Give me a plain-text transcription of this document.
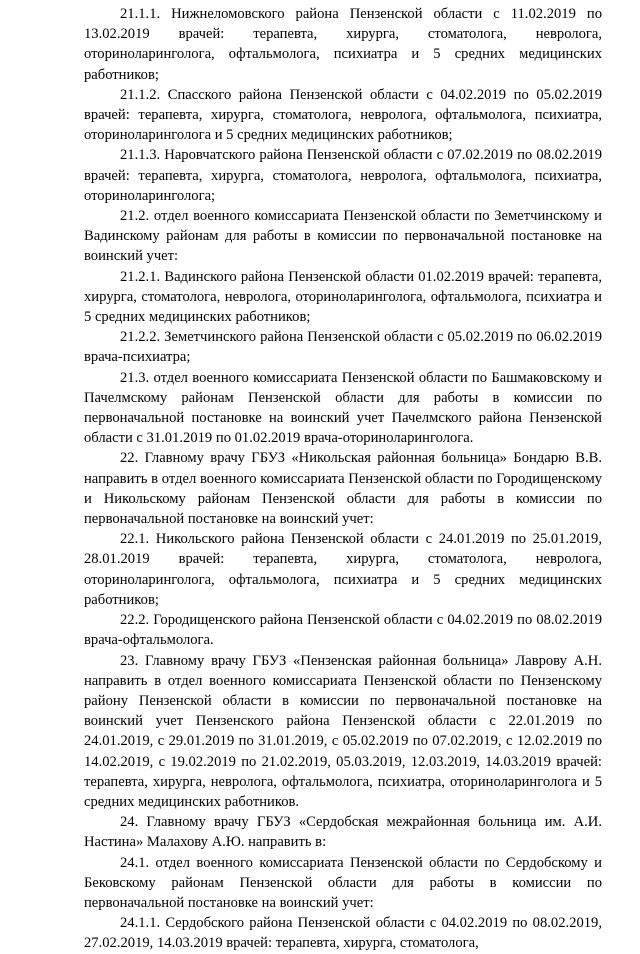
21.1.1. Нижнеломовского района Пензенской области с 11.02.2019 по 13.02.2019 врачей: терапевта, хирурга, стоматолога, невролога, оториноларинголога, офтальмолога, психиатра и 5 средних медицинских работников;

21.1.2. Спасского района Пензенской области с 04.02.2019 по 05.02.2019 врачей: терапевта, хирурга, стоматолога, невролога, офтальмолога, психиатра, оториноларинголога и 5 средних медицинских работников;

21.1.3. Наровчатского района Пензенской области с 07.02.2019 по 08.02.2019 врачей: терапевта, хирурга, стоматолога, невролога, офтальмолога, психиатра, оториноларинголога;

21.2. отдел военного комиссариата Пензенской области по Земетчинскому и Вадинскому районам для работы в комиссии по первоначальной постановке на воинский учет:

21.2.1. Вадинского района Пензенской области 01.02.2019 врачей: терапевта, хирурга, стоматолога, невролога, оториноларинголога, офтальмолога, психиатра и 5 средних медицинских работников;

21.2.2. Земетчинского района Пензенской области с 05.02.2019 по 06.02.2019 врача-психиатра;

21.3. отдел военного комиссариата Пензенской области по Башмаковскому и Пачелмскому районам Пензенской области для работы в комиссии по первоначальной постановке на воинский учет Пачелмского района Пензенской области с 31.01.2019 по 01.02.2019 врача-оториноларинголога.

22. Главному врачу ГБУЗ «Никольская районная больница» Бондарю В.В. направить в отдел военного комиссариата Пензенской области по Городищенскому и Никольскому районам Пензенской области для работы в комиссии по первоначальной постановке на воинский учет:

22.1. Никольского района Пензенской области с 24.01.2019 по 25.01.2019, 28.01.2019 врачей: терапевта, хирурга, стоматолога, невролога, оториноларинголога, офтальмолога, психиатра и 5 средних медицинских работников;

22.2. Городищенского района Пензенской области с 04.02.2019 по 08.02.2019 врача-офтальмолога.

23. Главному врачу ГБУЗ «Пензенская районная больница» Лаврову А.Н. направить в отдел военного комиссариата Пензенской области по Пензенскому району Пензенской области в комиссии по первоначальной постановке на воинский учет Пензенского района Пензенской области с 22.01.2019 по 24.01.2019, с 29.01.2019 по 31.01.2019, с 05.02.2019 по 07.02.2019, с 12.02.2019 по 14.02.2019, с 19.02.2019 по 21.02.2019, 05.03.2019, 12.03.2019, 14.03.2019 врачей: терапевта, хирурга, невролога, офтальмолога, психиатра, оториноларинголога и 5 средних медицинских работников.

24. Главному врачу ГБУЗ «Сердобская межрайонная больница им. А.И. Настина» Малахову А.Ю. направить в:

24.1. отдел военного комиссариата Пензенской области по Сердобскому и Бековскому районам Пензенской области для работы в комиссии по первоначальной постановке на воинский учет:

24.1.1. Сердобского района Пензенской области с 04.02.2019 по 08.02.2019, 27.02.2019, 14.03.2019 врачей: терапевта, хирурга, стоматолога,
